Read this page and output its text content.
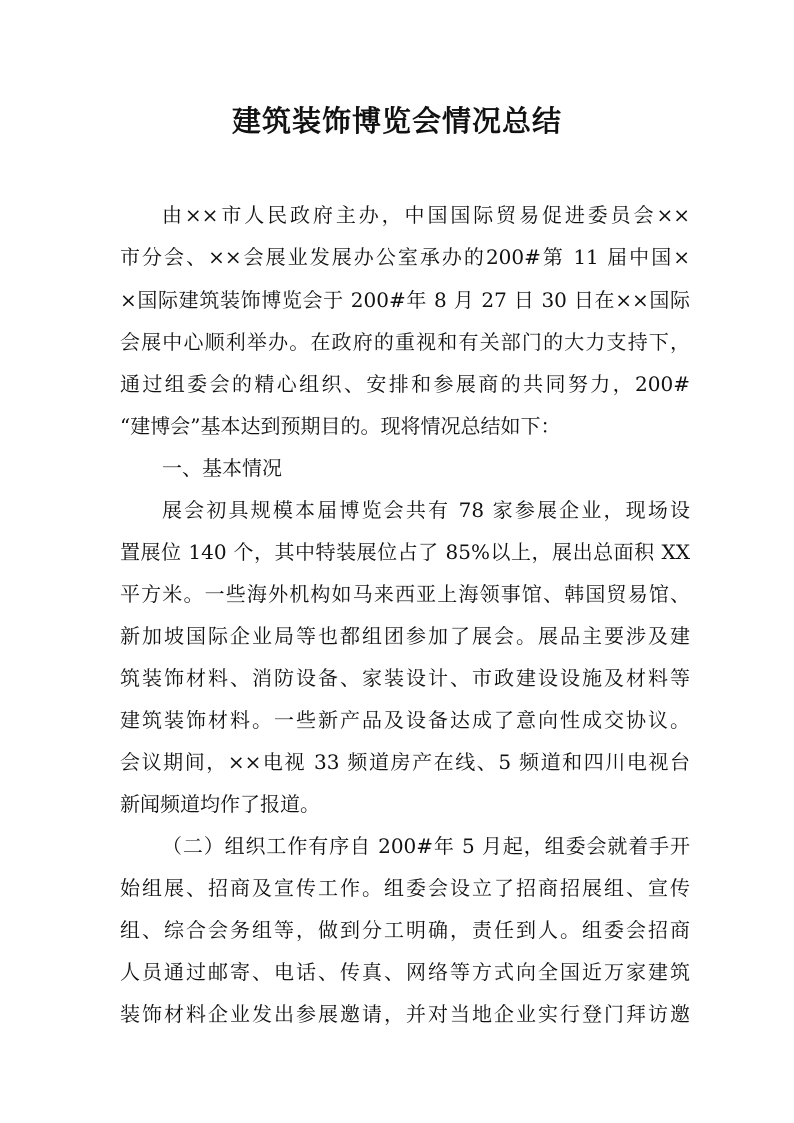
建筑装饰博览会情况总结
由××市人民政府主办，中国国际贸易促进委员会××
市分会、××会展业发展办公室承办的200#第 11 届中国×
×国际建筑装饰博览会于 200#年 8 月 27 日 30 日在××国际
会展中心顺利举办。在政府的重视和有关部门的大力支持下，
通过组委会的精心组织、安排和参展商的共同努力，200#
“建博会”基本达到预期目的。现将情况总结如下：
一、基本情况
展会初具规模本届博览会共有 78 家参展企业，现场设
置展位 140 个，其中特装展位占了 85%以上，展出总面积 XX
平方米。一些海外机构如马来西亚上海领事馆、韩国贸易馆、
新加坡国际企业局等也都组团参加了展会。展品主要涉及建
筑装饰材料、消防设备、家装设计、市政建设设施及材料等
建筑装饰材料。一些新产品及设备达成了意向性成交协议。
会议期间，××电视 33 频道房产在线、5 频道和四川电视台
新闻频道均作了报道。
（二）组织工作有序自 200#年 5 月起，组委会就着手开
始组展、招商及宣传工作。组委会设立了招商招展组、宣传
组、综合会务组等，做到分工明确，责任到人。组委会招商
人员通过邮寄、电话、传真、网络等方式向全国近万家建筑
装饰材料企业发出参展邀请，并对当地企业实行登门拜访邀
